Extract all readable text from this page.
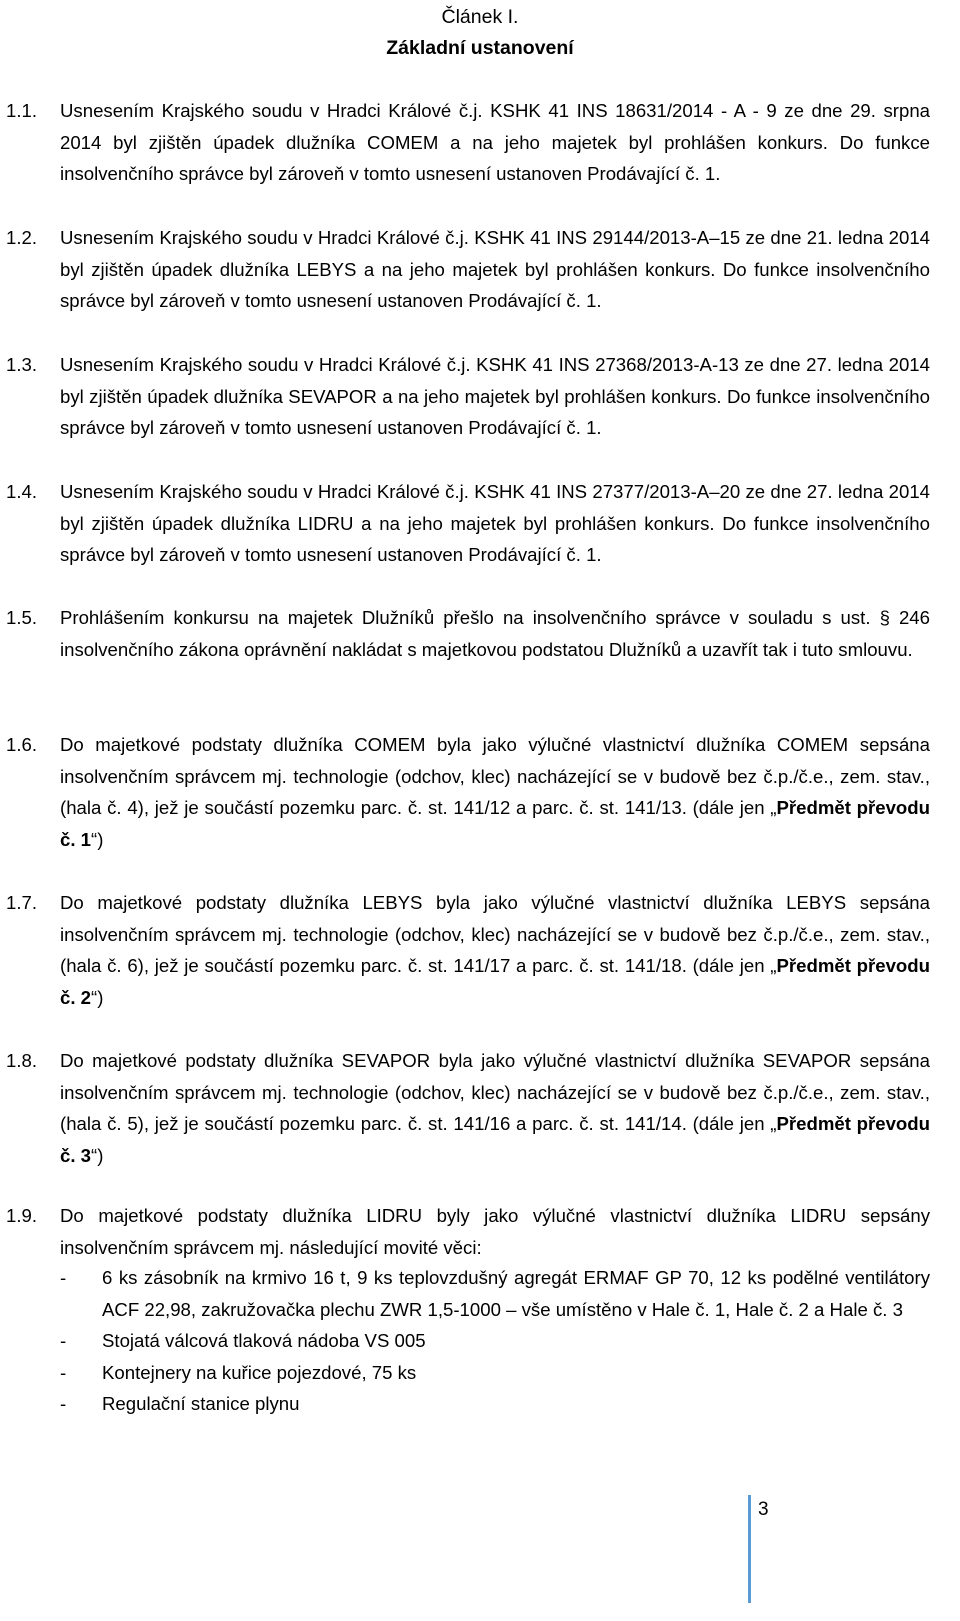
Článek I.
Základní ustanovení
1.1.	Usnesením Krajského soudu v Hradci Králové č.j. KSHK 41 INS 18631/2014 - A - 9 ze dne 29. srpna 2014 byl zjištěn úpadek dlužníka COMEM a na jeho majetek byl prohlášen konkurs. Do funkce insolvenčního správce byl zároveň v tomto usnesení ustanoven Prodávající č. 1.
1.2.	Usnesením Krajského soudu v Hradci Králové č.j. KSHK 41 INS 29144/2013-A–15 ze dne 21. ledna 2014 byl zjištěn úpadek dlužníka LEBYS a na jeho majetek byl prohlášen konkurs. Do funkce insolvenčního správce byl zároveň v tomto usnesení ustanoven Prodávající č. 1.
1.3.	Usnesením Krajského soudu v Hradci Králové č.j. KSHK 41 INS 27368/2013-A-13 ze dne 27. ledna 2014 byl zjištěn úpadek dlužníka SEVAPOR a na jeho majetek byl prohlášen konkurs. Do funkce insolvenčního správce byl zároveň v tomto usnesení ustanoven Prodávající č. 1.
1.4.	Usnesením Krajského soudu v Hradci Králové č.j. KSHK 41 INS 27377/2013-A–20 ze dne 27. ledna 2014 byl zjištěn úpadek dlužníka LIDRU a na jeho majetek byl prohlášen konkurs. Do funkce insolvenčního správce byl zároveň v tomto usnesení ustanoven Prodávající č. 1.
1.5.	Prohlášením konkursu na majetek Dlužníků přešlo na insolvenčního správce v souladu s ust. § 246 insolvenčního zákona oprávnění nakládat s majetkovou podstatou Dlužníků a uzavřít tak i tuto smlouvu.
1.6.	Do majetkové podstaty dlužníka COMEM byla jako výlučné vlastnictví dlužníka COMEM sepsána insolvenčním správcem mj. technologie (odchov, klec) nacházející se v budově bez č.p./č.e., zem. stav., (hala č. 4), jež je součástí pozemku parc. č. st. 141/12 a parc. č. st. 141/13. (dále jen „Předmět převodu č. 1“)
1.7.	Do majetkové podstaty dlužníka LEBYS byla jako výlučné vlastnictví dlužníka LEBYS sepsána insolvenčním správcem mj. technologie (odchov, klec) nacházející se v budově bez č.p./č.e., zem. stav., (hala č. 6), jež je součástí pozemku parc. č. st. 141/17 a parc. č. st. 141/18. (dále jen „Předmět převodu č. 2“)
1.8.	Do majetkové podstaty dlužníka SEVAPOR byla jako výlučné vlastnictví dlužníka SEVAPOR sepsána insolvenčním správcem mj. technologie (odchov, klec) nacházející se v budově bez č.p./č.e., zem. stav., (hala č. 5), jež je součástí pozemku parc. č. st. 141/16 a parc. č. st. 141/14. (dále jen „Předmět převodu č. 3“)
1.9.	Do majetkové podstaty dlužníka LIDRU byly jako výlučné vlastnictví dlužníka LIDRU sepsány insolvenčním správcem mj. následující movité věci:
- 6 ks zásobník na krmivo 16 t, 9 ks teplovzdušný agregát ERMAF GP 70, 12 ks podělné ventilátory ACF 22,98, zakružovačka plechu ZWR 1,5-1000 – vše umístěno v Hale č. 1, Hale č. 2 a Hale č. 3
- Stojatá válcová tlaková nádoba VS 005
- Kontejnery na kuřice pojezdové, 75 ks
- Regulační stanice plynu
3
